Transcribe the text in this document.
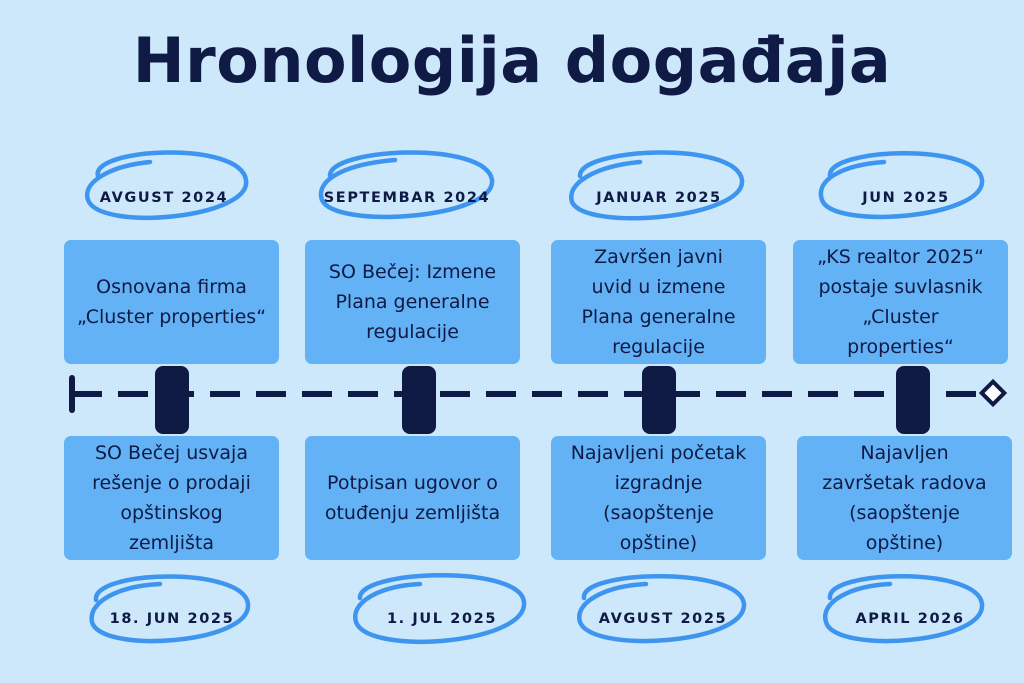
Hronologija događaja
AVGUST 2024	SEPTEMBAR 2024	JANUAR 2025	JUN 2025
Osnovana firma
„Cluster properties“
SO Bečej: Izmene
Plana generalne
regulacije
Završen javni
uvid u izmene
Plana generalne
regulacije
„KS realtor 2025“
postaje suvlasnik
„Cluster
properties“
SO Bečej usvaja
rešenje o prodaji
opštinskog
zemljišta
Potpisan ugovor o
otuđenju zemljišta
Najavljeni početak
izgradnje
(saopštenje
opštine)
Najavljen
završetak radova
(saopštenje
opštine)
18. JUN 2025	1. JUL 2025	AVGUST 2025	APRIL 2026
